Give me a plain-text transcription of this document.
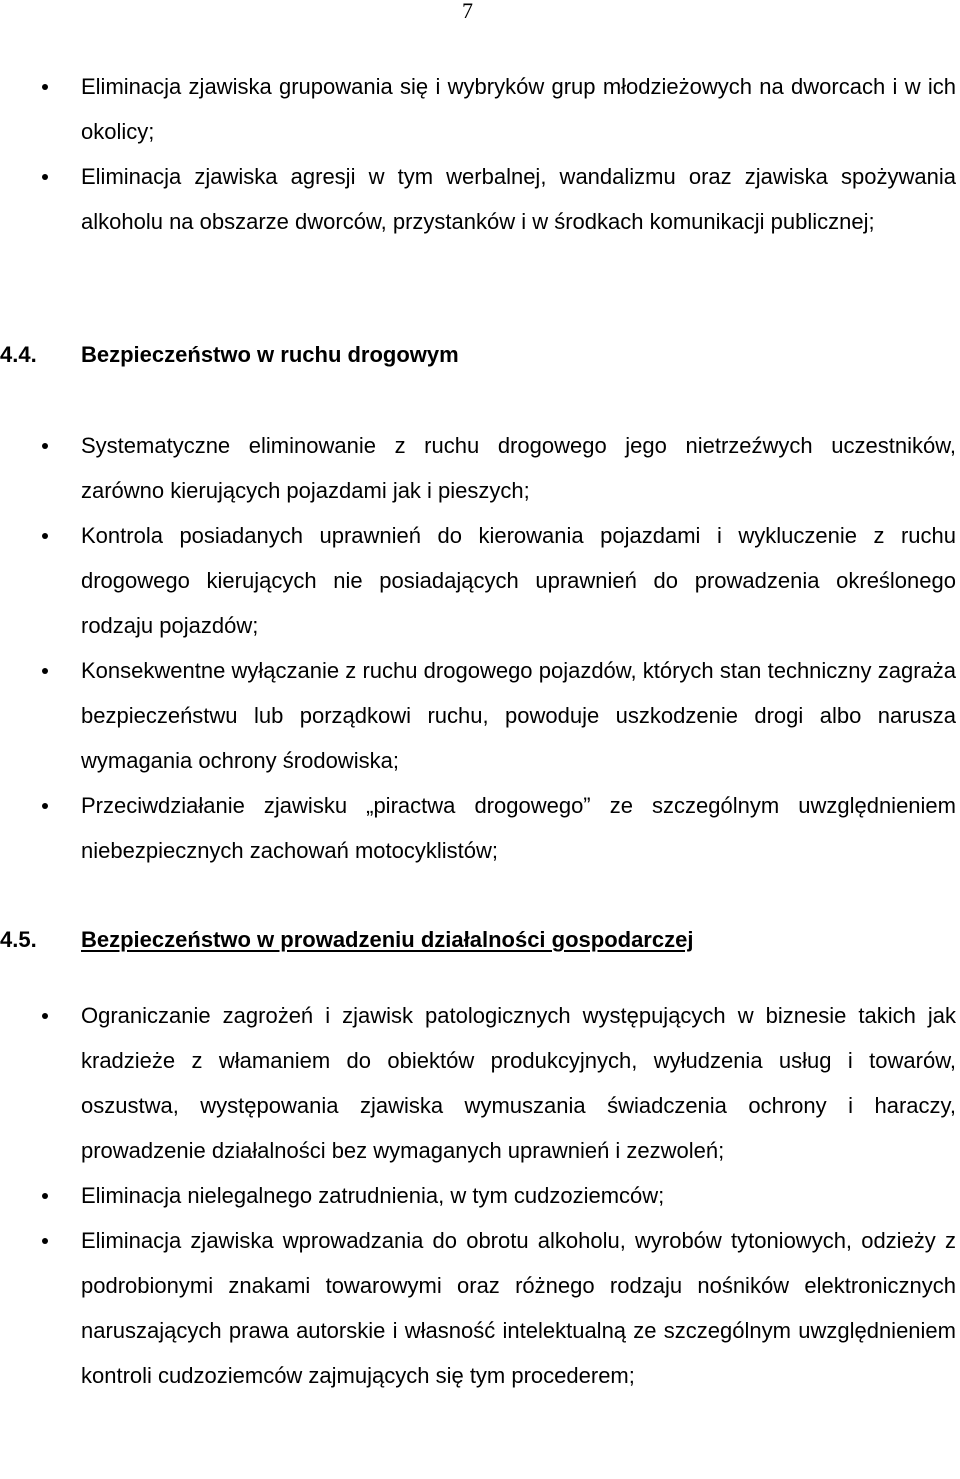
7
Eliminacja zjawiska grupowania się i wybryków grup młodzieżowych na dworcach i w ich okolicy;
Eliminacja zjawiska agresji w tym werbalnej, wandalizmu oraz zjawiska spożywania alkoholu na obszarze dworców, przystanków i w środkach komunikacji publicznej;
4.4. Bezpieczeństwo w ruchu drogowym
Systematyczne eliminowanie z ruchu drogowego jego nietrzeźwych uczestników, zarówno kierujących pojazdami jak i pieszych;
Kontrola posiadanych uprawnień do kierowania pojazdami i wykluczenie z ruchu drogowego kierujących nie posiadających uprawnień do prowadzenia określonego rodzaju pojazdów;
Konsekwentne wyłączanie z ruchu drogowego pojazdów, których stan techniczny zagraża bezpieczeństwu lub porządkowi ruchu, powoduje uszkodzenie drogi albo narusza wymagania ochrony środowiska;
Przeciwdziałanie zjawisku „piractwa drogowego” ze szczególnym uwzględnieniem niebezpiecznych zachowań motocyklistów;
4.5. Bezpieczeństwo w prowadzeniu działalności gospodarczej
Ograniczanie zagrożeń i zjawisk patologicznych występujących w biznesie takich jak kradzieże z włamaniem do obiektów produkcyjnych, wyłudzenia usług i towarów, oszustwa, występowania zjawiska wymuszania świadczenia ochrony i haraczy, prowadzenie działalności bez wymaganych uprawnień i zezwoleń;
Eliminacja nielegalnego zatrudnienia, w tym cudzoziemców;
Eliminacja zjawiska wprowadzania do obrotu alkoholu, wyrobów tytoniowych, odzieży z podrobionymi znakami towarowymi oraz różnego rodzaju nośników elektronicznych naruszających prawa autorskie i własność intelektualną ze szczególnym uwzględnieniem kontroli cudzoziemców zajmujących się tym procederem;
